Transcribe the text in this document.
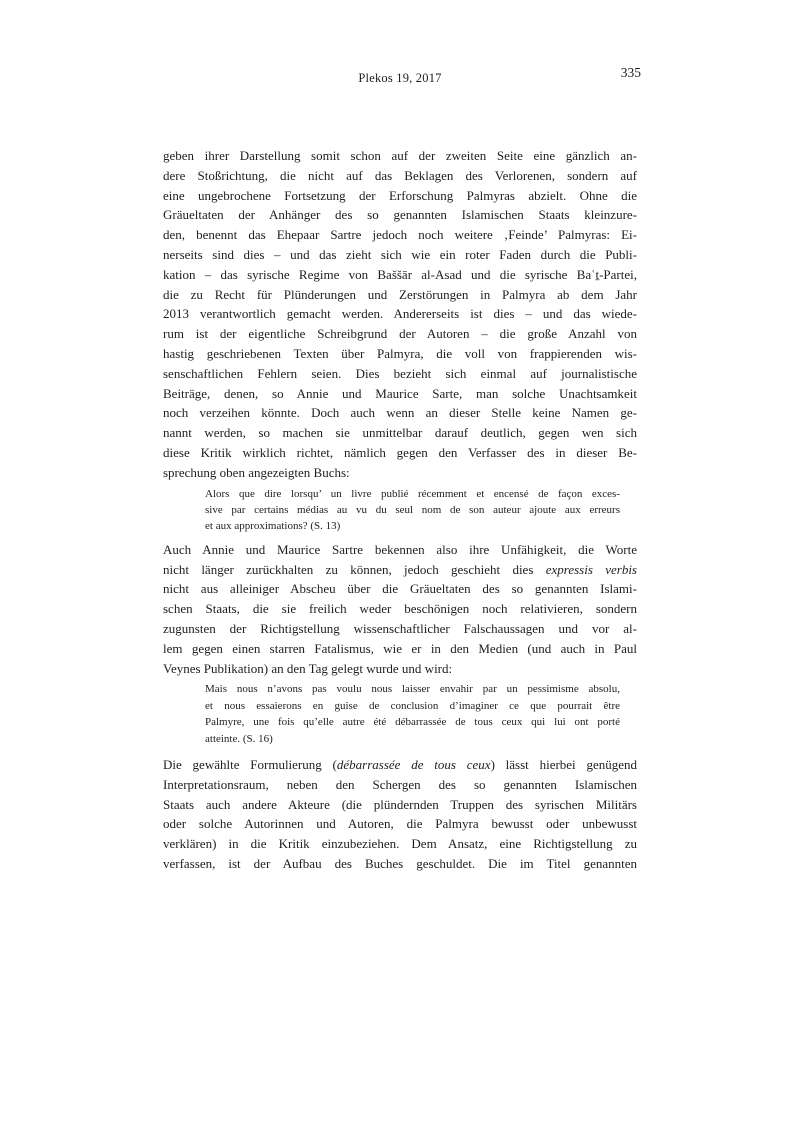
Plekos 19, 2017	335
geben ihrer Darstellung somit schon auf der zweiten Seite eine gänzlich an-
dere Stoßrichtung, die nicht auf das Beklagen des Verlorenen, sondern auf
eine ungebrochene Fortsetzung der Erforschung Palmyras abzielt. Ohne die
Gräueltaten der Anhänger des so genannten Islamischen Staats kleinzure-
den, benennt das Ehepaar Sartre jedoch noch weitere ‚Feinde’ Palmyras: Ei-
nerseits sind dies – und das zieht sich wie ein roter Faden durch die Publi-
kation – das syrische Regime von Baššār al-Asad und die syrische Baʿṯ-Partei,
die zu Recht für Plünderungen und Zerstörungen in Palmyra ab dem Jahr
2013 verantwortlich gemacht werden. Andererseits ist dies – und das wiede-
rum ist der eigentliche Schreibgrund der Autoren – die große Anzahl von
hastig geschriebenen Texten über Palmyra, die voll von frappierenden wis-
senschaftlichen Fehlern seien. Dies bezieht sich einmal auf journalistische
Beiträge, denen, so Annie und Maurice Sarte, man solche Unachtsamkeit
noch verzeihen könnte. Doch auch wenn an dieser Stelle keine Namen ge-
nannt werden, so machen sie unmittelbar darauf deutlich, gegen wen sich
diese Kritik wirklich richtet, nämlich gegen den Verfasser des in dieser Be-
sprechung oben angezeigten Buchs:
Alors que dire lorsqu’ un livre publié récemment et encensé de façon exces-
sive par certains médias au vu du seul nom de son auteur ajoute aux erreurs
et aux approximations? (S. 13)
Auch Annie und Maurice Sartre bekennen also ihre Unfähigkeit, die Worte
nicht länger zurückhalten zu können, jedoch geschieht dies expressis verbis
nicht aus alleiniger Abscheu über die Gräueltaten des so genannten Islami-
schen Staats, die sie freilich weder beschönigen noch relativieren, sondern
zugunsten der Richtigstellung wissenschaftlicher Falschaussagen und vor al-
lem gegen einen starren Fatalismus, wie er in den Medien (und auch in Paul
Veynes Publikation) an den Tag gelegt wurde und wird:
Mais nous n’avons pas voulu nous laisser envahir par un pessimisme absolu,
et nous essaierons en guise de conclusion d’imaginer ce que pourrait être
Palmyre, une fois qu’elle autre été débarrassée de tous ceux qui lui ont porté
atteinte. (S. 16)
Die gewählte Formulierung (débarrassée de tous ceux) lässt hierbei genügend
Interpretationsraum, neben den Schergen des so genannten Islamischen
Staats auch andere Akteure (die plündernden Truppen des syrischen Militärs
oder solche Autorinnen und Autoren, die Palmyra bewusst oder unbewusst
verklären) in die Kritik einzubeziehen. Dem Ansatz, eine Richtigstellung zu
verfassen, ist der Aufbau des Buches geschuldet. Die im Titel genannten
